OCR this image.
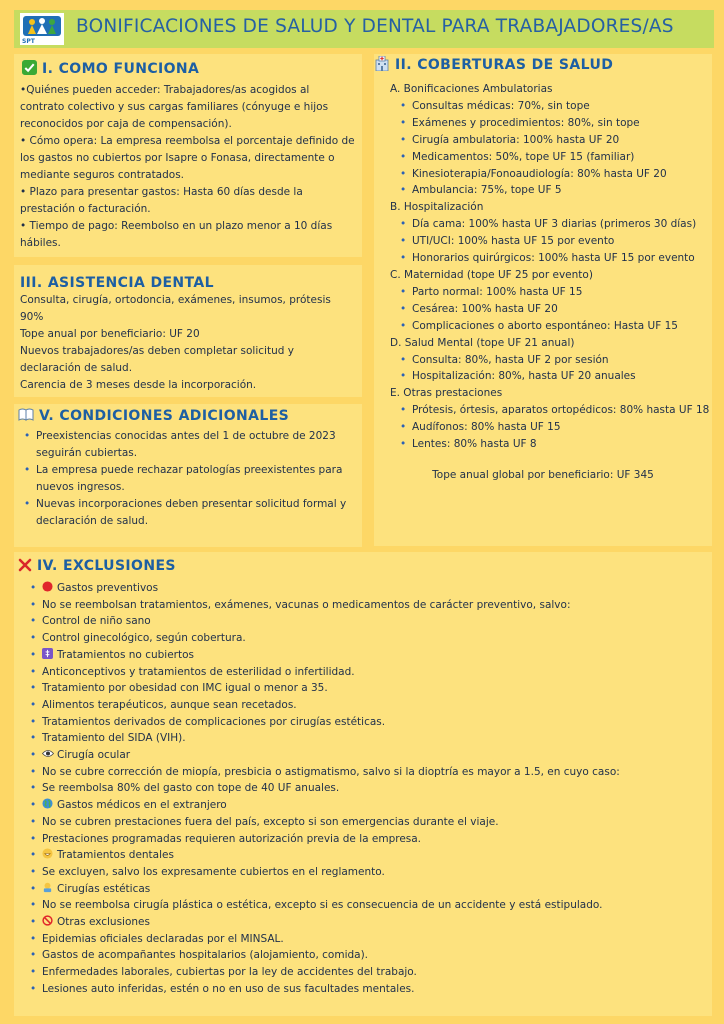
SPT
BONIFICACIONES DE SALUD Y DENTAL PARA TRABAJADORES/AS
I. COMO FUNCIONA

•Quiénes pueden acceder: Trabajadores/as acogidos al contrato colectivo y sus cargas familiares (cónyuge e hijos reconocidos por caja de compensación).

• Cómo opera: La empresa reembolsa el porcentaje definido de los gastos no cubiertos por Isapre o Fonasa, directamente o mediante seguros contratados.

• Plazo para presentar gastos: Hasta 60 días desde la prestación o facturación.

• Tiempo de pago: Reembolso en un plazo menor a 10 días hábiles.

III. ASISTENCIA DENTAL

Consulta, cirugía, ortodoncia, exámenes, insumos, prótesis 90%

Tope anual por beneficiario: UF 20

Nuevos trabajadores/as deben completar solicitud y declaración de salud.

Carencia de 3 meses desde la incorporación.

V. CONDICIONES ADICIONALES
• Preexistencias conocidas antes del 1 de octubre de 2023 seguirán cubiertas.
• La empresa puede rechazar patologías preexistentes para nuevos ingresos.
• Nuevas incorporaciones deben presentar solicitud formal y declaración de salud.
II. COBERTURAS DE SALUD
A. Bonificaciones Ambulatorias
• Consultas médicas: 70%, sin tope
• Exámenes y procedimientos: 80%, sin tope
• Cirugía ambulatoria: 100% hasta UF 20
• Medicamentos: 50%, tope UF 15 (familiar)
• Kinesioterapia/Fonoaudiología: 80% hasta UF 20
• Ambulancia: 75%, tope UF 5
B. Hospitalización
• Día cama: 100% hasta UF 3 diarias (primeros 30 días)
• UTI/UCI: 100% hasta UF 15 por evento
• Honorarios quirúrgicos: 100% hasta UF 15 por evento
C. Maternidad (tope UF 25 por evento)
• Parto normal: 100% hasta UF 15
• Cesárea: 100% hasta UF 20
• Complicaciones o aborto espontáneo: Hasta UF 15
D. Salud Mental (tope UF 21 anual)
• Consulta: 80%, hasta UF 2 por sesión
• Hospitalización: 80%, hasta UF 20 anuales
E. Otras prestaciones
• Prótesis, órtesis, aparatos ortopédicos: 80% hasta UF 18
• Audífonos: 80% hasta UF 15
• Lentes: 80% hasta UF 8
Tope anual global por beneficiario: UF 345
IV. EXCLUSIONES
• Gastos preventivos
• No se reembolsan tratamientos, exámenes, vacunas o medicamentos de carácter preventivo, salvo:
• Control de niño sano
• Control ginecológico, según cobertura.
• Tratamientos no cubiertos
• Anticonceptivos y tratamientos de esterilidad o infertilidad.
• Tratamiento por obesidad con IMC igual o menor a 35.
• Alimentos terapéuticos, aunque sean recetados.
• Tratamientos derivados de complicaciones por cirugías estéticas.
• Tratamiento del SIDA (VIH).
• Cirugía ocular
• No se cubre corrección de miopía, presbicia o astigmatismo, salvo si la dioptría es mayor a 1.5, en cuyo caso:
• Se reembolsa 80% del gasto con tope de 40 UF anuales.
• Gastos médicos en el extranjero
• No se cubren prestaciones fuera del país, excepto si son emergencias durante el viaje.
• Prestaciones programadas requieren autorización previa de la empresa.
• Tratamientos dentales
• Se excluyen, salvo los expresamente cubiertos en el reglamento.
• Cirugías estéticas
• No se reembolsa cirugía plástica o estética, excepto si es consecuencia de un accidente y está estipulado.
• Otras exclusiones
• Epidemias oficiales declaradas por el MINSAL.
• Gastos de acompañantes hospitalarios (alojamiento, comida).
• Enfermedades laborales, cubiertas por la ley de accidentes del trabajo.
• Lesiones auto inferidas, estén o no en uso de sus facultades mentales.
